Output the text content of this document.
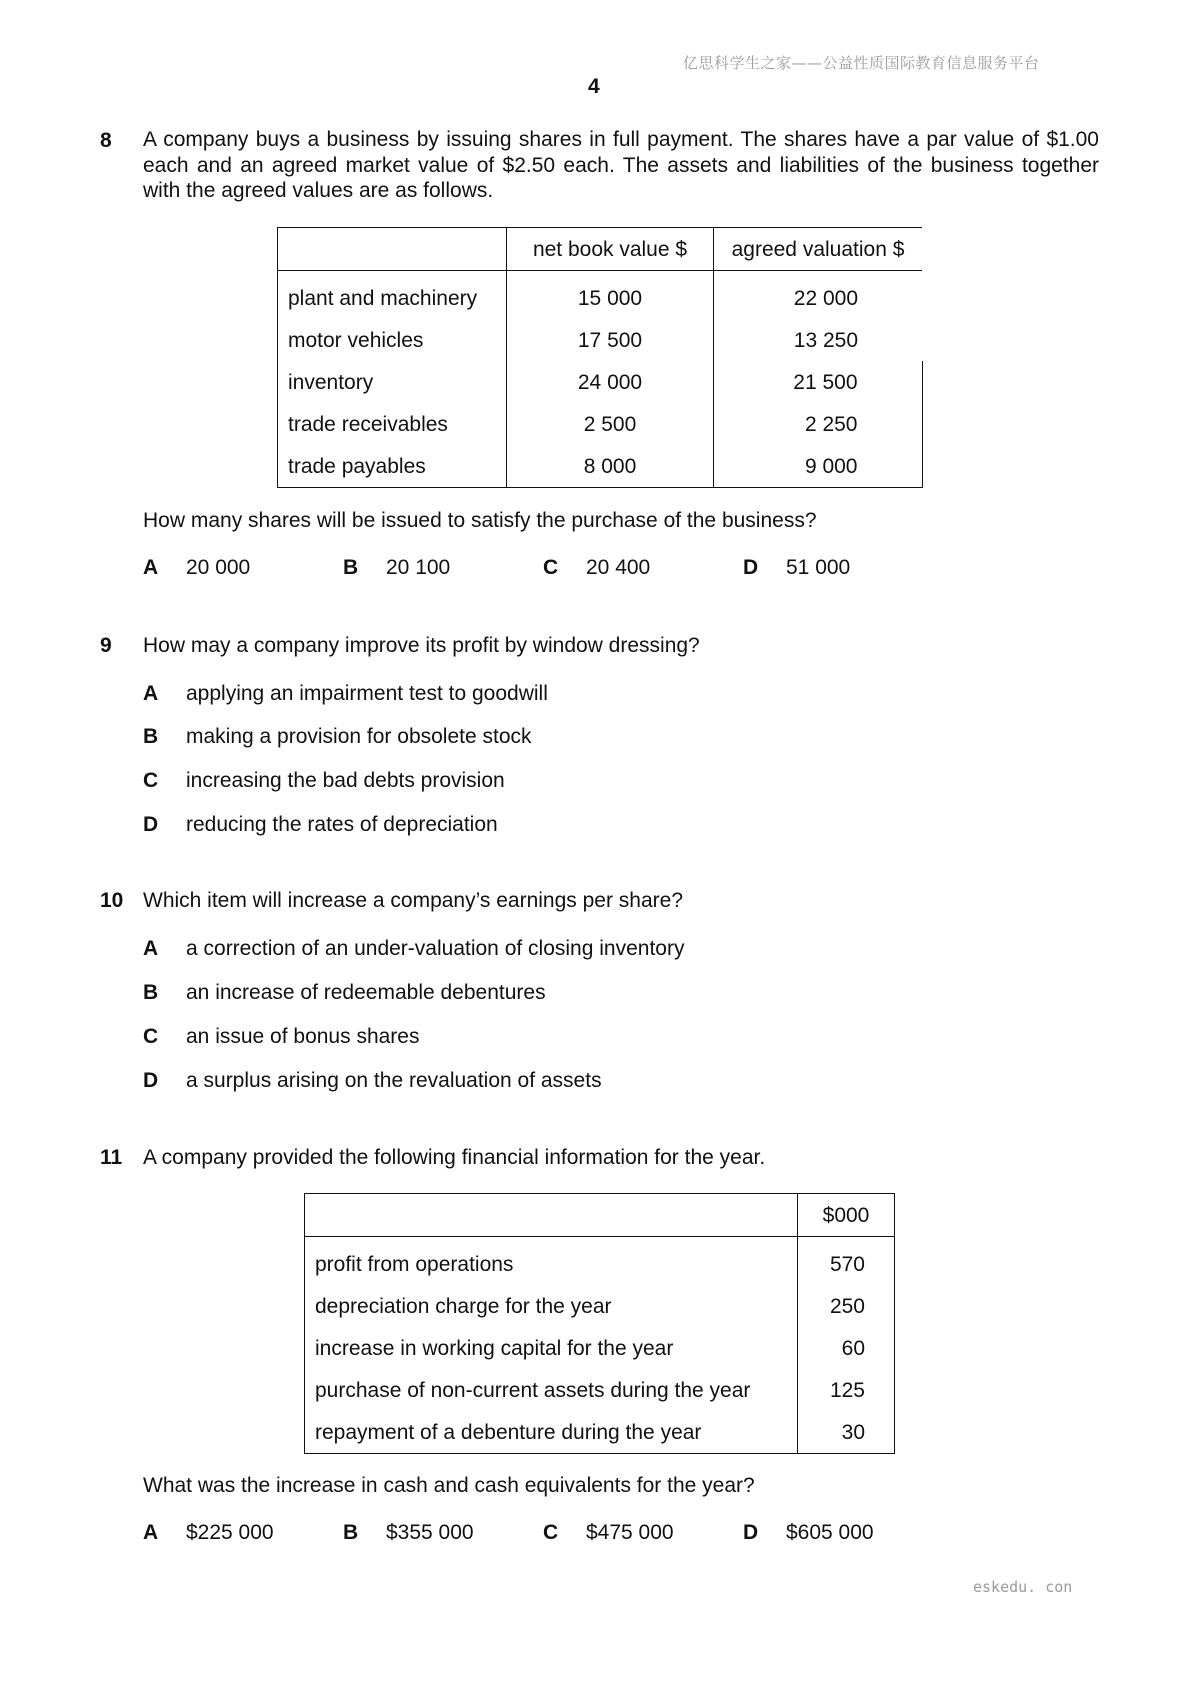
亿思科学生之家——公益性质国际教育信息服务平台
4
8 A company buys a business by issuing shares in full payment. The shares have a par value of $1.00 each and an agreed market value of $2.50 each. The assets and liabilities of the business together with the agreed values are as follows.
	net book value $	agreed valuation $
plant and machinery	15 000	22 000
motor vehicles	17 500	13 250
inventory	24 000	21 500
trade receivables	2 500	2 250
trade payables	8 000	9 000
How many shares will be issued to satisfy the purchase of the business?
A 20 000	B 20 100	C 20 400	D 51 000
9 How may a company improve its profit by window dressing?
A applying an impairment test to goodwill
B making a provision for obsolete stock
C increasing the bad debts provision
D reducing the rates of depreciation
10 Which item will increase a company’s earnings per share?
A a correction of an under-valuation of closing inventory
B an increase of redeemable debentures
C an issue of bonus shares
D a surplus arising on the revaluation of assets
11 A company provided the following financial information for the year.
	$000
profit from operations	570
depreciation charge for the year	250
increase in working capital for the year	60
purchase of non-current assets during the year	125
repayment of a debenture during the year	30
What was the increase in cash and cash equivalents for the year?
A $225 000	B $355 000	C $475 000	D $605 000
eskedu. con
